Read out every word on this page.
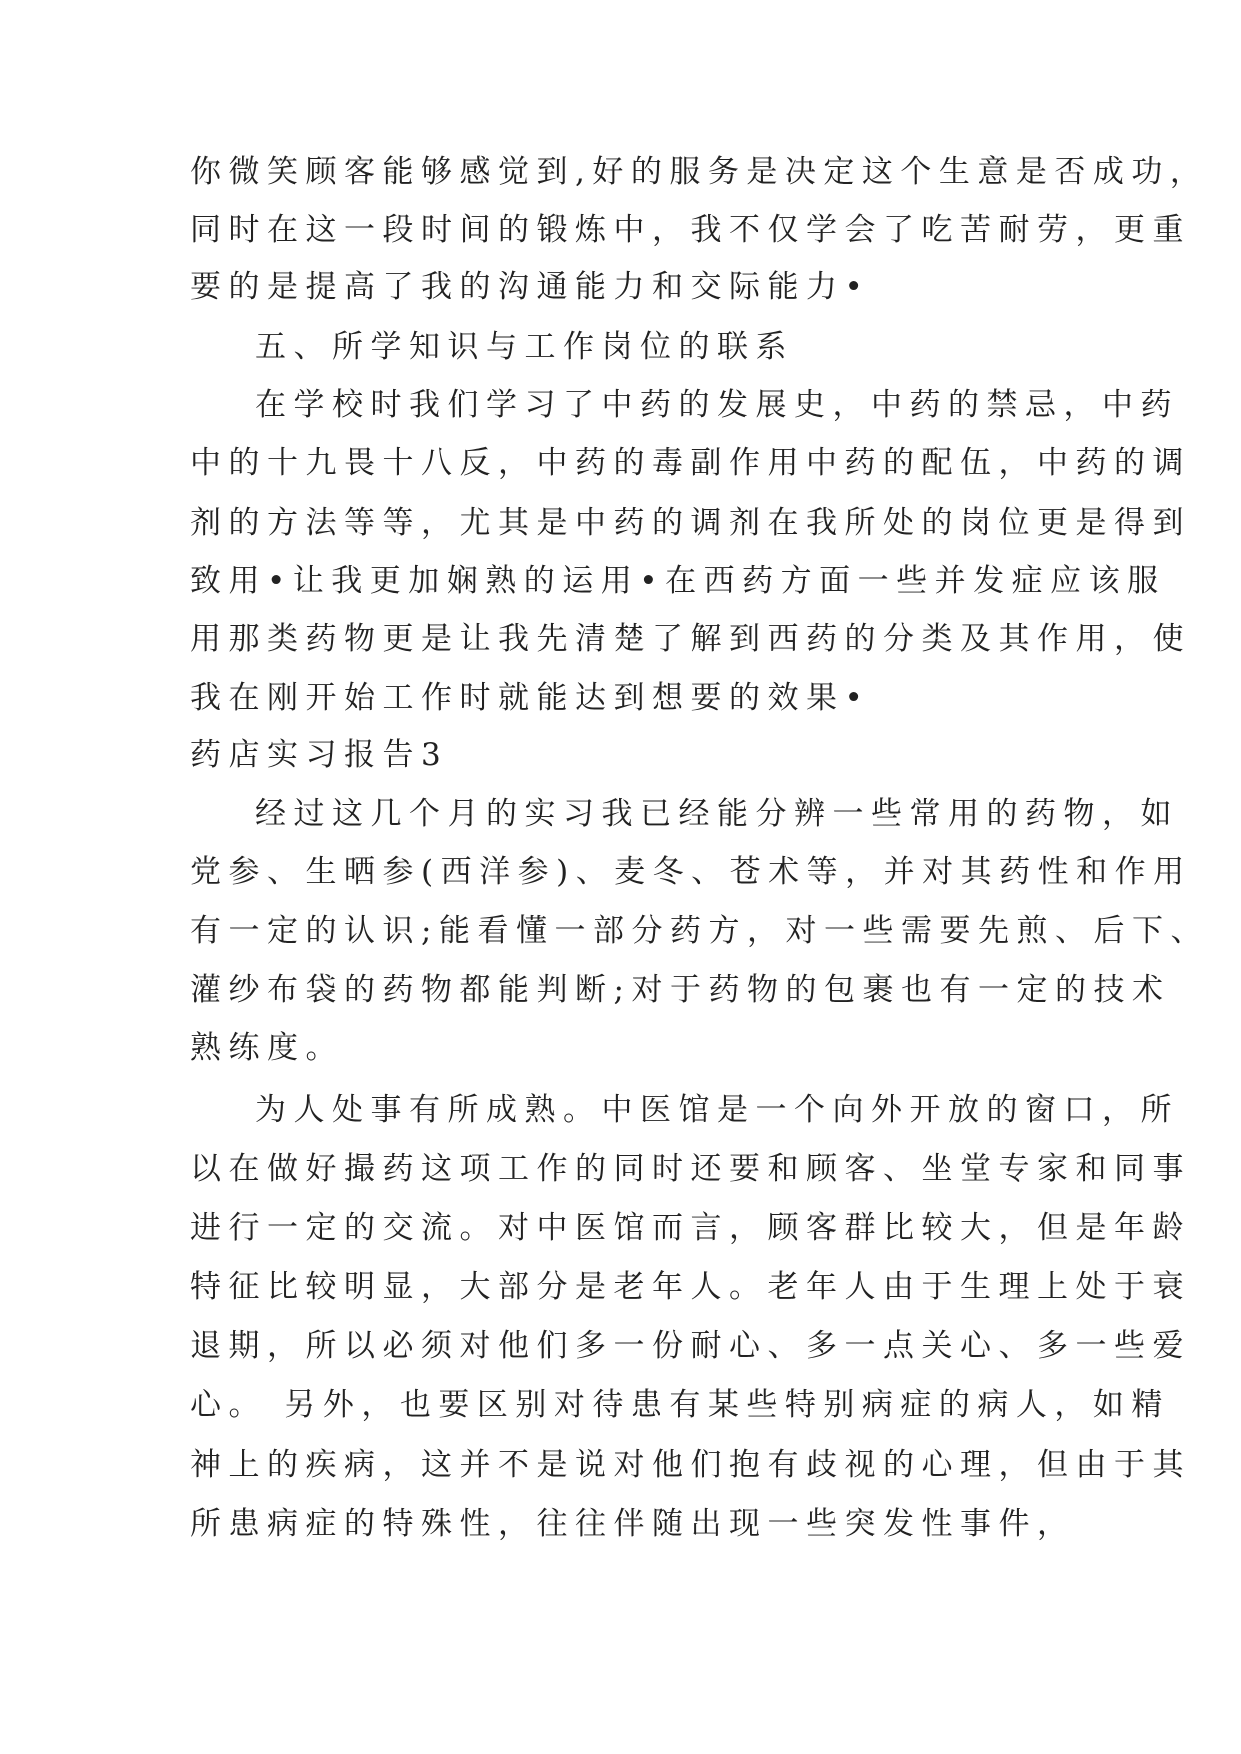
你微笑顾客能够感觉到,好的服务是决定这个生意是否成功，

同时在这一段时间的锻炼中，我不仅学会了吃苦耐劳，更重

要的是提高了我的沟通能力和交际能力•

五、所学知识与工作岗位的联系

在学校时我们学习了中药的发展史，中药的禁忌，中药

中的十九畏十八反，中药的毒副作用中药的配伍，中药的调

剂的方法等等，尤其是中药的调剂在我所处的岗位更是得到

致用•让我更加娴熟的运用•在西药方面一些并发症应该服

用那类药物更是让我先清楚了解到西药的分类及其作用，使

我在刚开始工作时就能达到想要的效果•

药店实习报告3

经过这几个月的实习我已经能分辨一些常用的药物，如

党参、生晒参(西洋参)、麦冬、苍术等，并对其药性和作用

有一定的认识;能看懂一部分药方，对一些需要先煎、后下、

灌纱布袋的药物都能判断;对于药物的包裹也有一定的技术

熟练度。

为人处事有所成熟。中医馆是一个向外开放的窗口，所

以在做好撮药这项工作的同时还要和顾客、坐堂专家和同事

进行一定的交流。对中医馆而言，顾客群比较大，但是年龄

特征比较明显，大部分是老年人。老年人由于生理上处于衰

退期，所以必须对他们多一份耐心、多一点关心、多一些爱

心。 另外，也要区别对待患有某些特别病症的病人，如精

神上的疾病，这并不是说对他们抱有歧视的心理，但由于其

所患病症的特殊性，往往伴随出现一些突发性事件，
